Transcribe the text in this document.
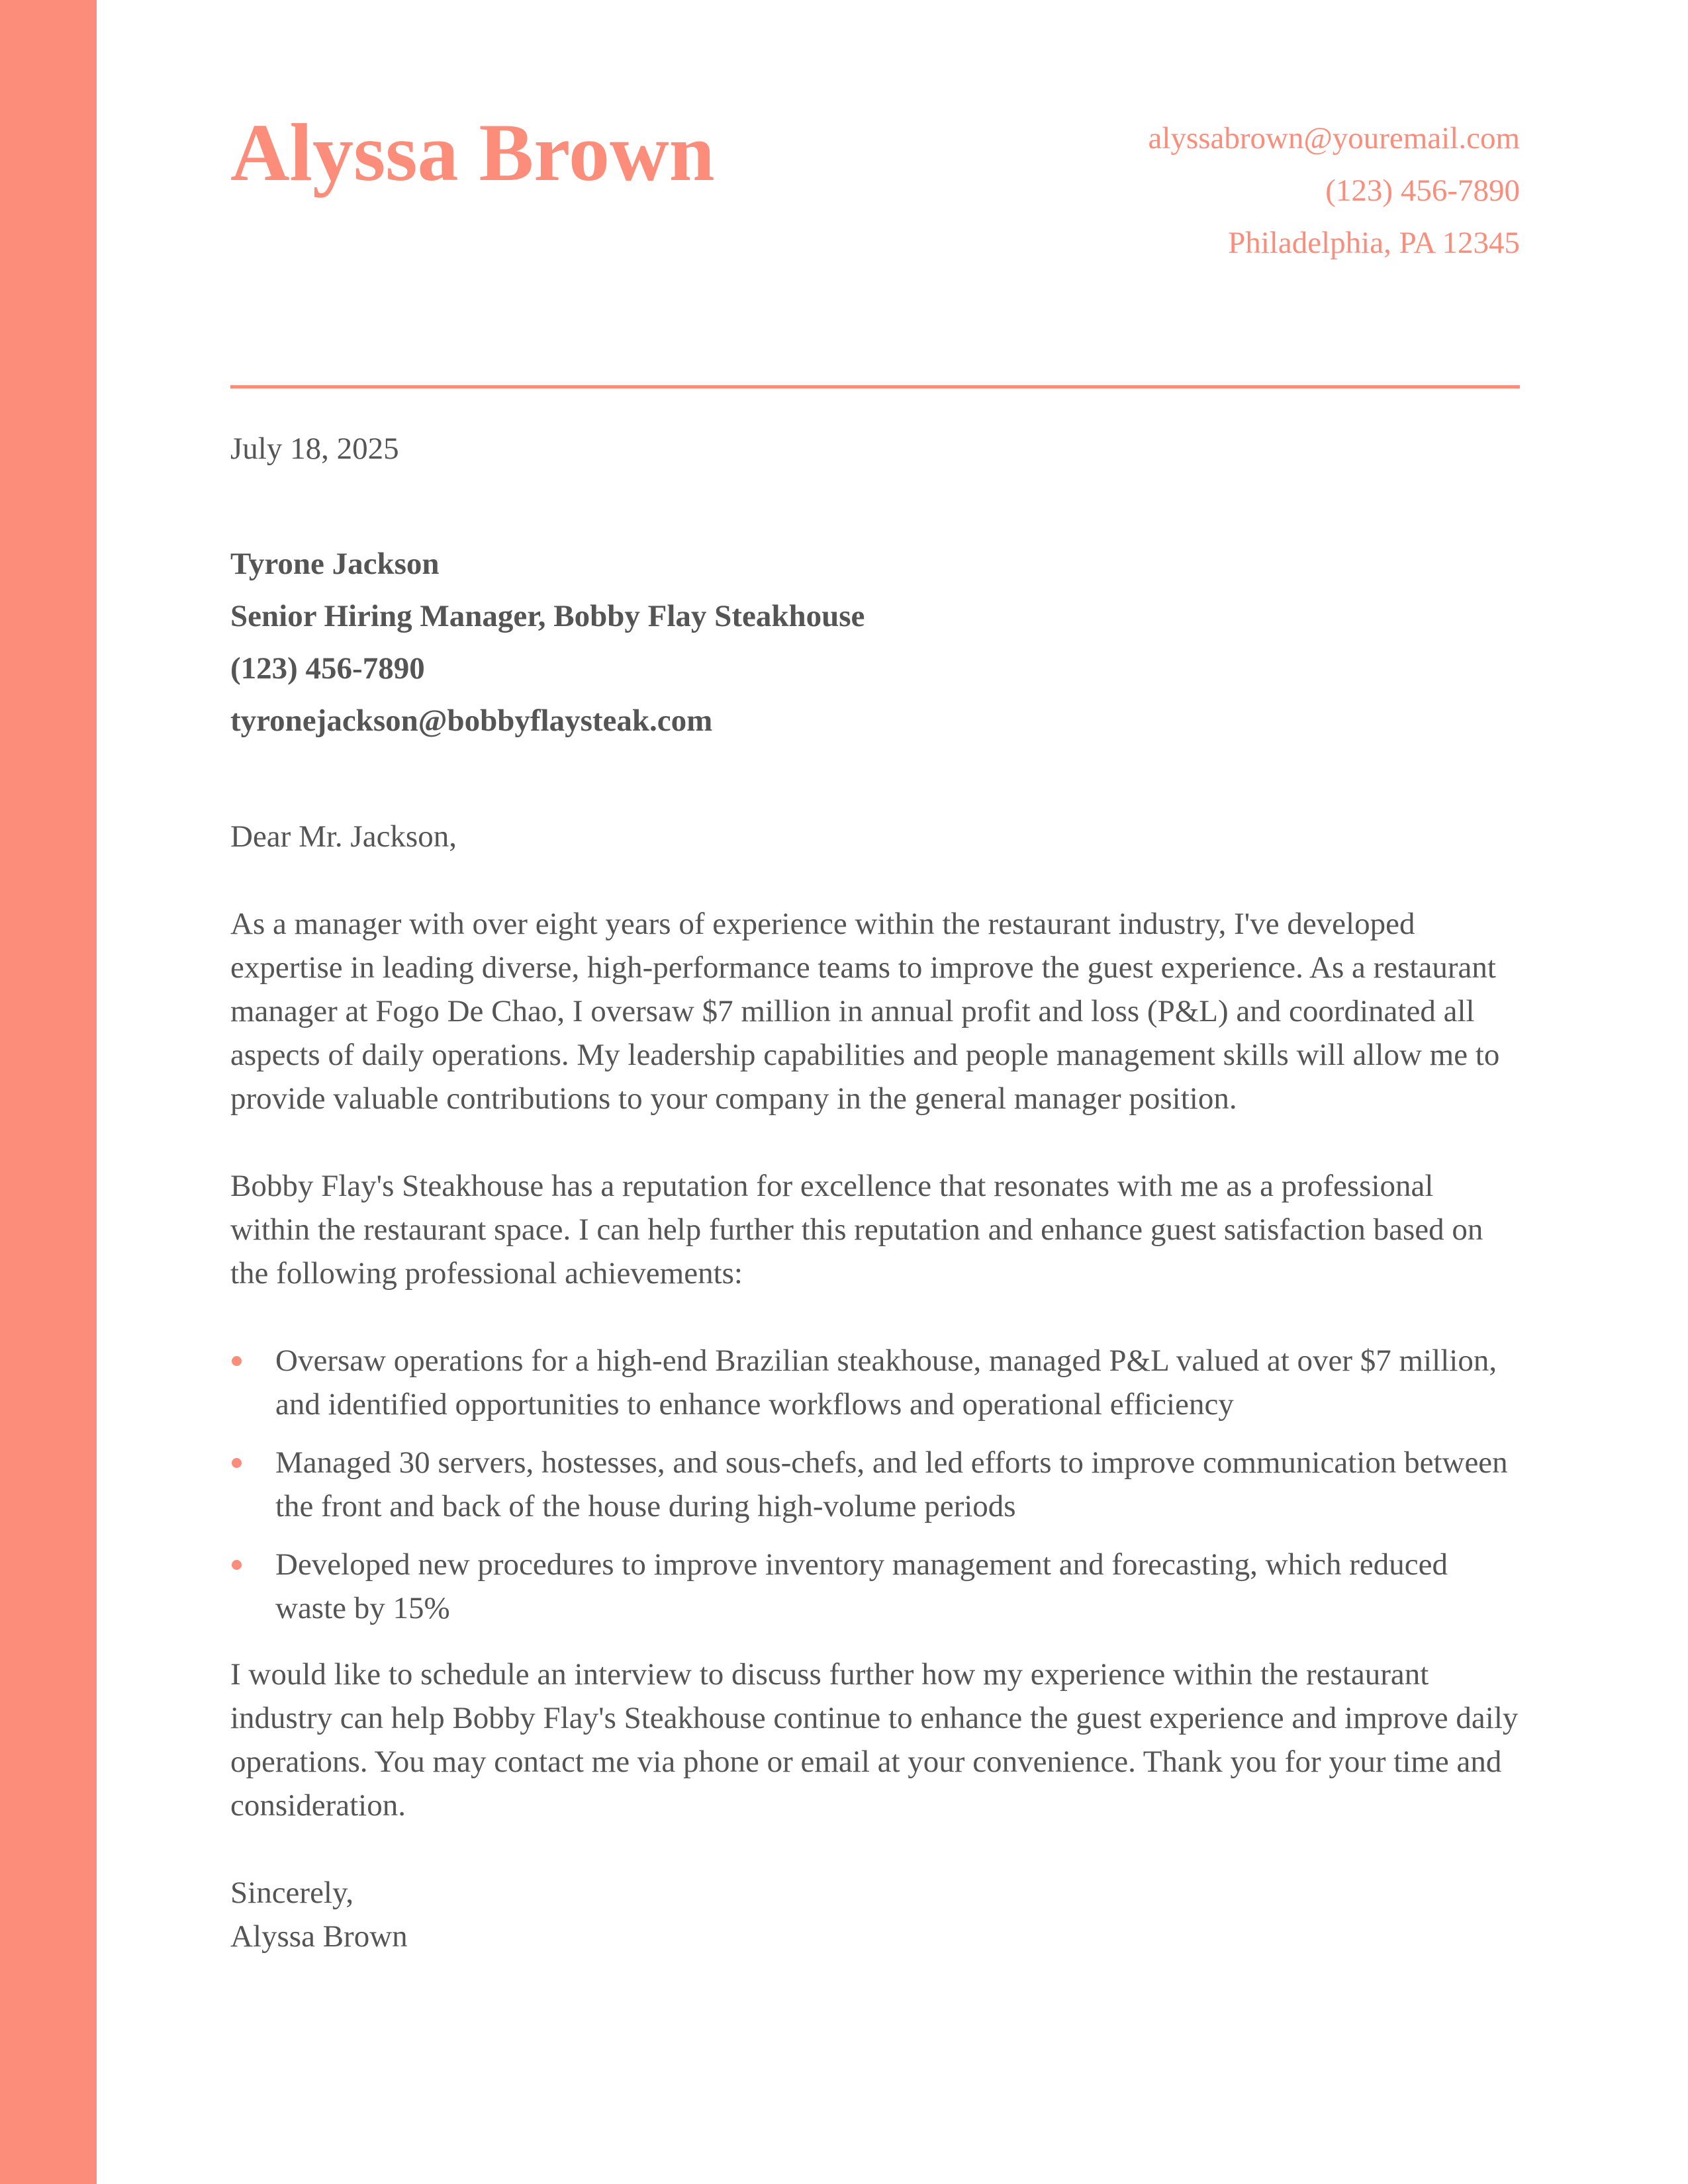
Alyssa Brown	alyssabrown@youremail.com
(123) 456-7890
Philadelphia, PA 12345
July 18, 2025
Tyrone Jackson
Senior Hiring Manager, Bobby Flay Steakhouse
(123) 456-7890
tyronejackson@bobbyflaysteak.com
Dear Mr. Jackson,

As a manager with over eight years of experience within the restaurant industry, I've developed expertise in leading diverse, high-performance teams to improve the guest experience. As a restaurant manager at Fogo De Chao, I oversaw $7 million in annual profit and loss (P&L) and coordinated all aspects of daily operations. My leadership capabilities and people management skills will allow me to provide valuable contributions to your company in the general manager position.

Bobby Flay's Steakhouse has a reputation for excellence that resonates with me as a professional within the restaurant space. I can help further this reputation and enhance guest satisfaction based on the following professional achievements:

Oversaw operations for a high-end Brazilian steakhouse, managed P&L valued at over $7 million, and identified opportunities to enhance workflows and operational efficiency
Managed 30 servers, hostesses, and sous-chefs, and led efforts to improve communication between the front and back of the house during high-volume periods
Developed new procedures to improve inventory management and forecasting, which reduced waste by 15%

I would like to schedule an interview to discuss further how my experience within the restaurant industry can help Bobby Flay's Steakhouse continue to enhance the guest experience and improve daily operations. You may contact me via phone or email at your convenience. Thank you for your time and consideration.

Sincerely,
Alyssa Brown
